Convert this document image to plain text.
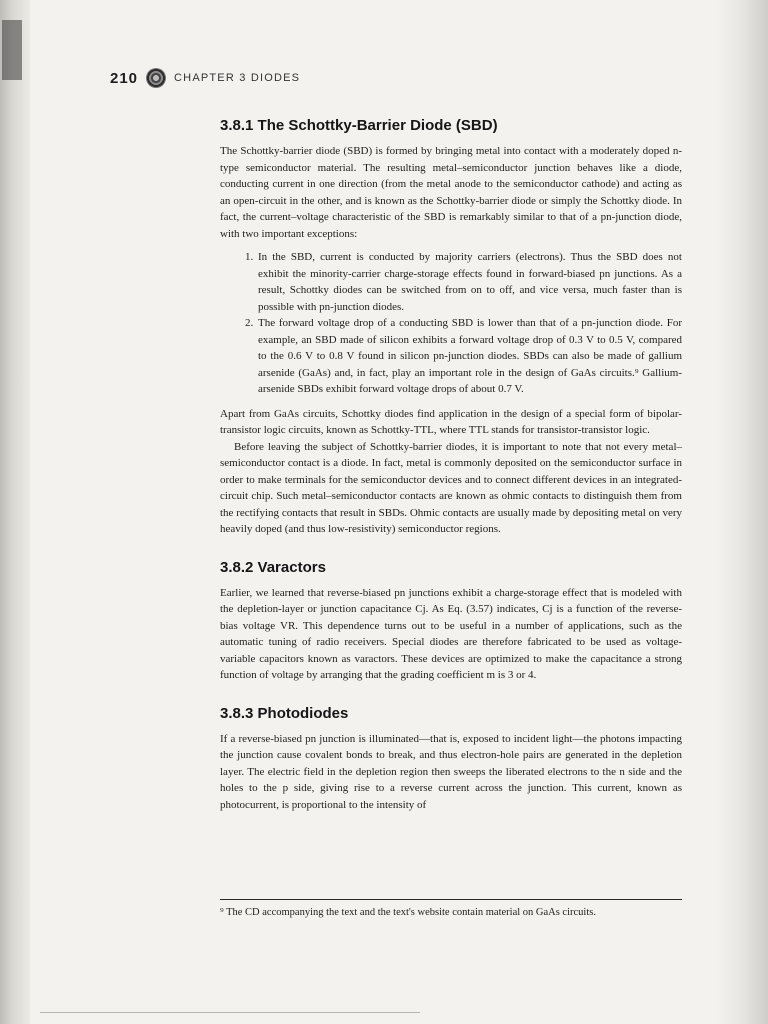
210	CHAPTER 3 DIODES
3.8.1 The Schottky-Barrier Diode (SBD)

The Schottky-barrier diode (SBD) is formed by bringing metal into contact with a moderately doped n-type semiconductor material. The resulting metal–semiconductor junction behaves like a diode, conducting current in one direction (from the metal anode to the semiconductor cathode) and acting as an open-circuit in the other, and is known as the Schottky-barrier diode or simply the Schottky diode. In fact, the current–voltage characteristic of the SBD is remarkably similar to that of a pn-junction diode, with two important exceptions:

1. In the SBD, current is conducted by majority carriers (electrons). Thus the SBD does not exhibit the minority-carrier charge-storage effects found in forward-biased pn junctions. As a result, Schottky diodes can be switched from on to off, and vice versa, much faster than is possible with pn-junction diodes.
2. The forward voltage drop of a conducting SBD is lower than that of a pn-junction diode. For example, an SBD made of silicon exhibits a forward voltage drop of 0.3 V to 0.5 V, compared to the 0.6 V to 0.8 V found in silicon pn-junction diodes. SBDs can also be made of gallium arsenide (GaAs) and, in fact, play an important role in the design of GaAs circuits.⁹ Gallium-arsenide SBDs exhibit forward voltage drops of about 0.7 V.

Apart from GaAs circuits, Schottky diodes find application in the design of a special form of bipolar-transistor logic circuits, known as Schottky-TTL, where TTL stands for transistor-transistor logic.

Before leaving the subject of Schottky-barrier diodes, it is important to note that not every metal–semiconductor contact is a diode. In fact, metal is commonly deposited on the semiconductor surface in order to make terminals for the semiconductor devices and to connect different devices in an integrated-circuit chip. Such metal–semiconductor contacts are known as ohmic contacts to distinguish them from the rectifying contacts that result in SBDs. Ohmic contacts are usually made by depositing metal on very heavily doped (and thus low-resistivity) semiconductor regions.

3.8.2 Varactors

Earlier, we learned that reverse-biased pn junctions exhibit a charge-storage effect that is modeled with the depletion-layer or junction capacitance Cj. As Eq. (3.57) indicates, Cj is a function of the reverse-bias voltage VR. This dependence turns out to be useful in a number of applications, such as the automatic tuning of radio receivers. Special diodes are therefore fabricated to be used as voltage-variable capacitors known as varactors. These devices are optimized to make the capacitance a strong function of voltage by arranging that the grading coefficient m is 3 or 4.

3.8.3 Photodiodes

If a reverse-biased pn junction is illuminated—that is, exposed to incident light—the photons impacting the junction cause covalent bonds to break, and thus electron-hole pairs are generated in the depletion layer. The electric field in the depletion region then sweeps the liberated electrons to the n side and the holes to the p side, giving rise to a reverse current across the junction. This current, known as photocurrent, is proportional to the intensity of

⁹ The CD accompanying the text and the text's website contain material on GaAs circuits.
